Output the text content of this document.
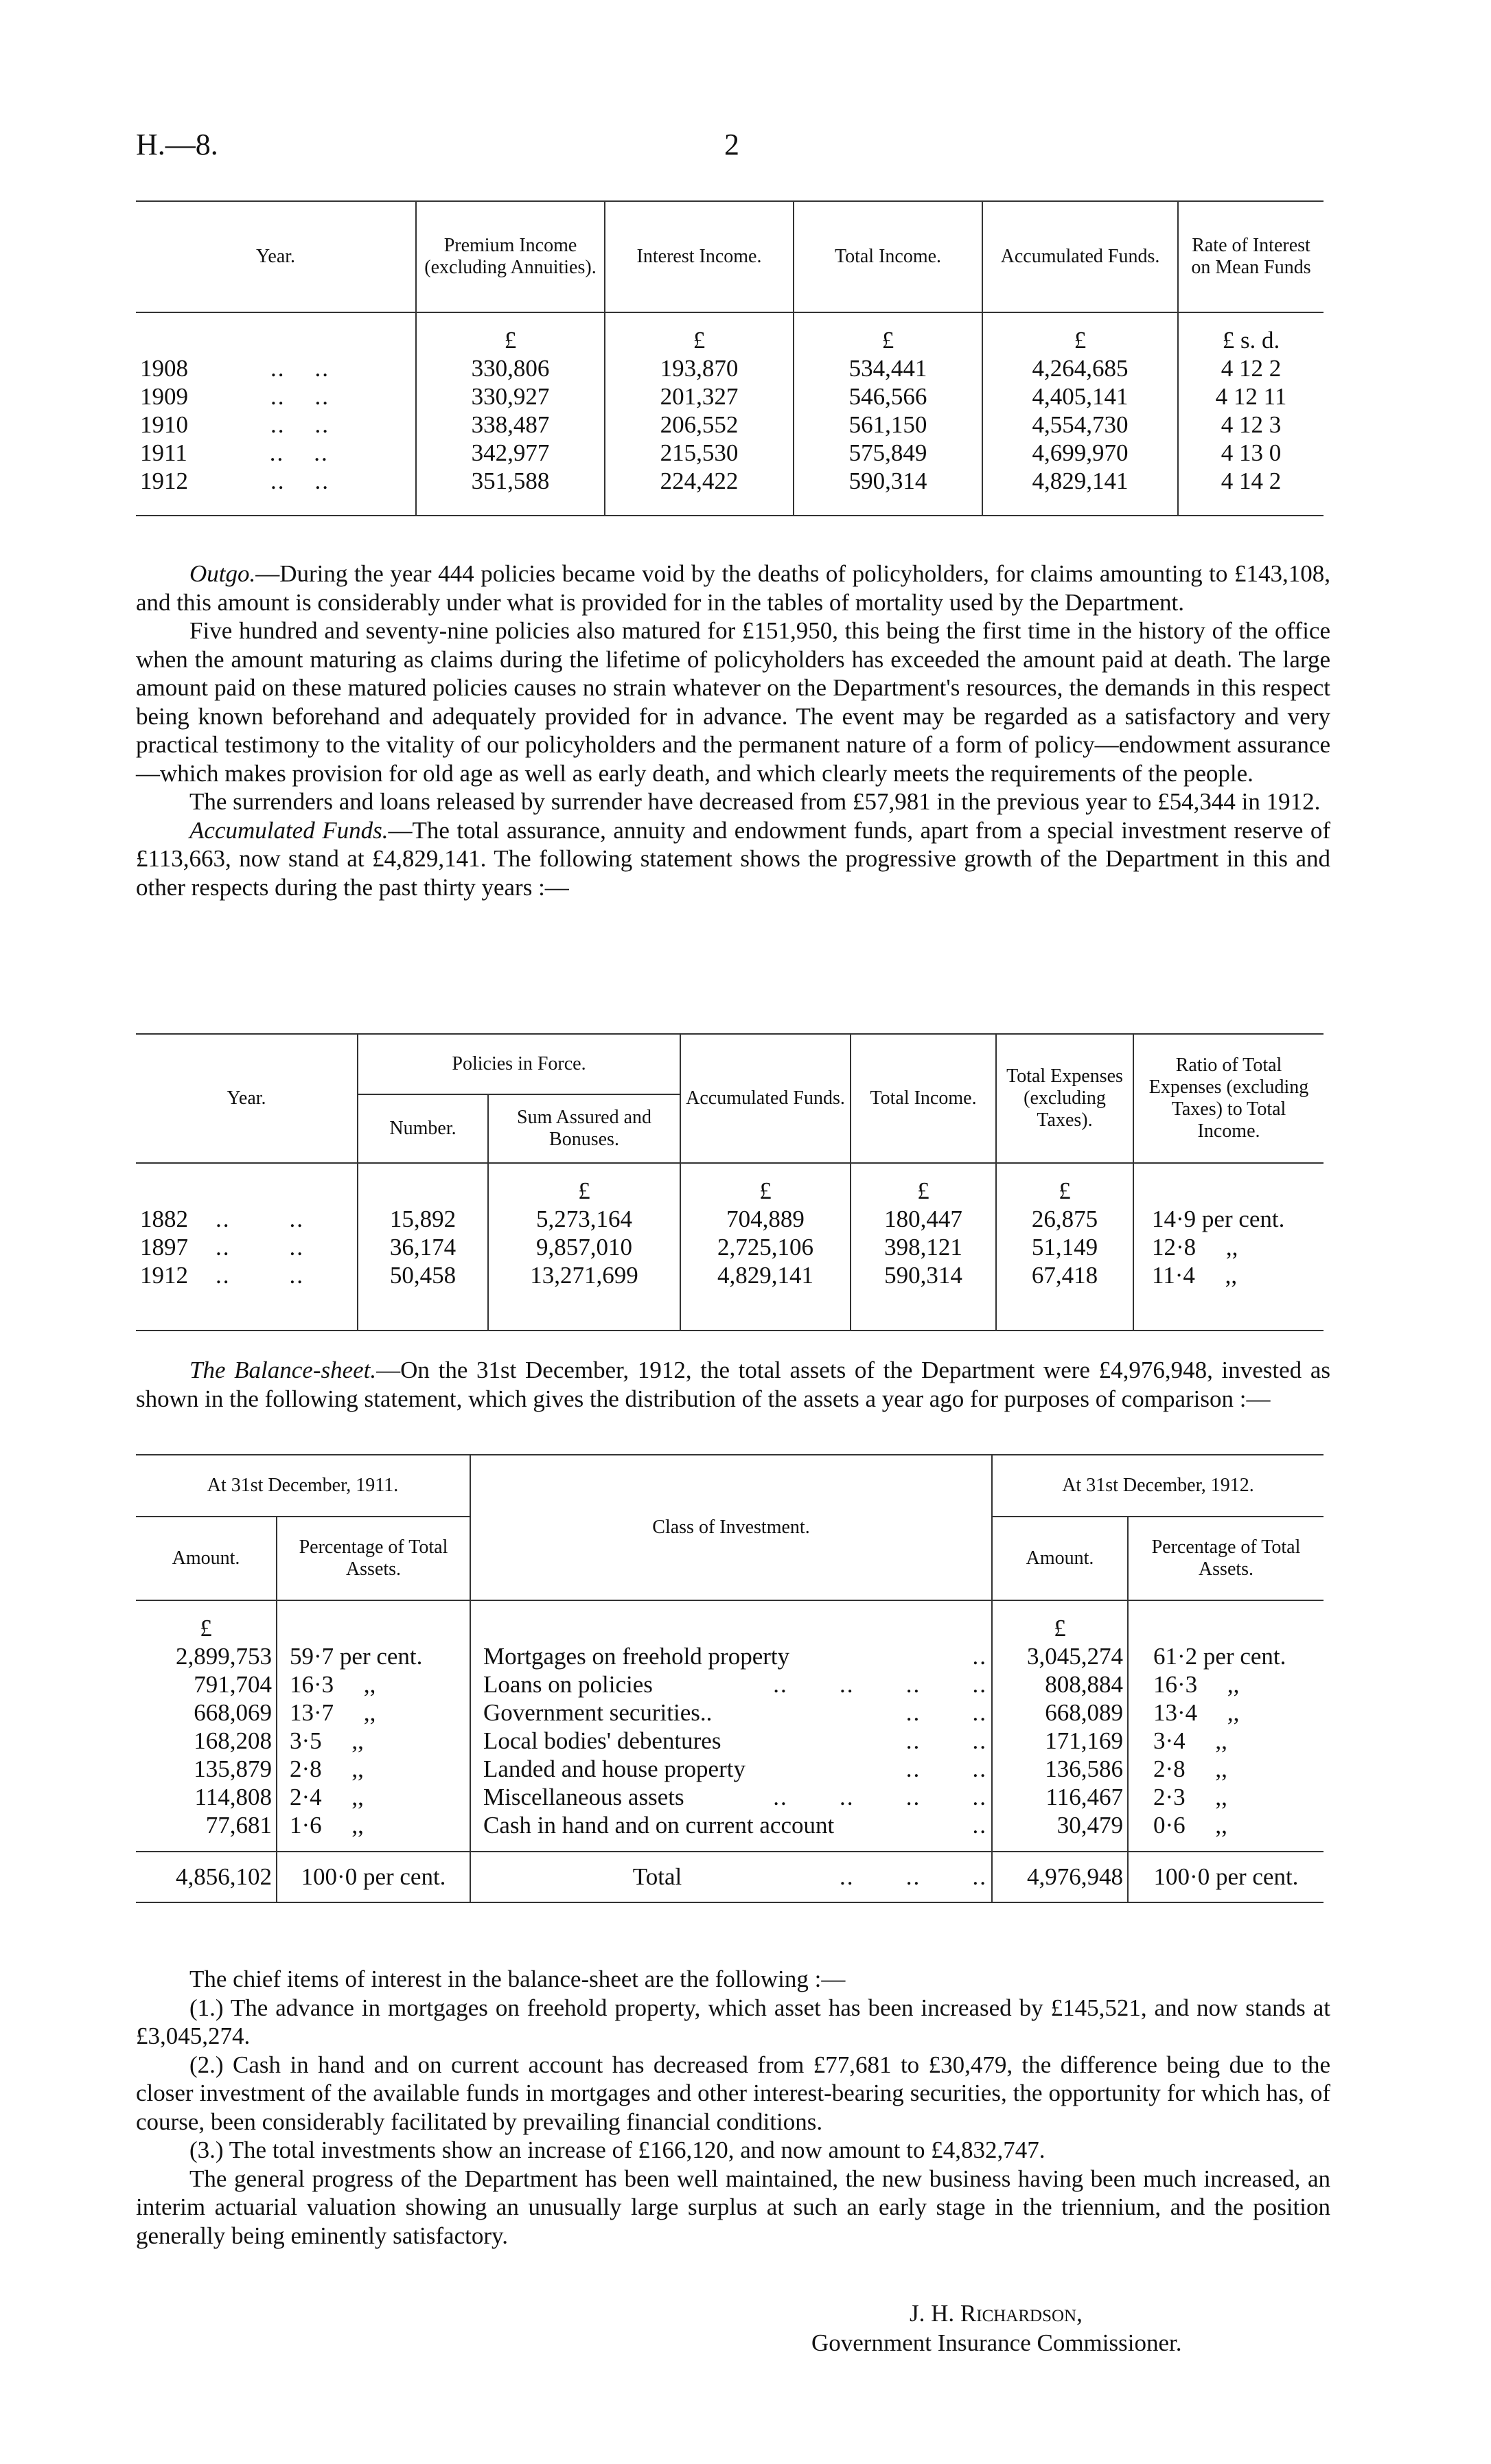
H.—8.	2
Year.	Premium Income (excluding Annuities).	Interest Income.	Total Income.	Accumulated Funds.	Rate of Interest on Mean Funds

	£	£	£	£	£ s. d.
1908 ..    ..	330,806	193,870	534,441	4,264,685	4 12 2
1909 ..    ..	330,927	201,327	546,566	4,405,141	4 12 11
1910 ..    ..	338,487	206,552	561,150	4,554,730	4 12 3
1911 ..    ..	342,977	215,530	575,849	4,699,970	4 13 0
1912 ..    ..	351,588	224,422	590,314	4,829,141	4 14 2

Outgo.—During the year 444 policies became void by the deaths of policyholders, for claims amounting to £143,108, and this amount is considerably under what is provided for in the tables of mortality used by the Department.

Five hundred and seventy-nine policies also matured for £151,950, this being the first time in the history of the office when the amount maturing as claims during the lifetime of policyholders has exceeded the amount paid at death. The large amount paid on these matured policies causes no strain whatever on the Department's resources, the demands in this respect being known beforehand and adequately provided for in advance. The event may be regarded as a satisfactory and very practical testimony to the vitality of our policyholders and the permanent nature of a form of policy—endowment assurance—which makes provision for old age as well as early death, and which clearly meets the requirements of the people.

The surrenders and loans released by surrender have decreased from £57,981 in the previous year to £54,344 in 1912.

Accumulated Funds.—The total assurance, annuity and endowment funds, apart from a special investment reserve of £113,663, now stand at £4,829,141. The following statement shows the progressive growth of the Department in this and other respects during the past thirty years :—

Year.	Policies in Force.		Accumulated Funds.	Total Income.	Total Expenses (excluding Taxes).	Ratio of Total Expenses (excluding Taxes) to Total Income.
	Number.	Sum Assured and Bonuses.				

		£	£	£	£	
1882 ..        ..	15,892	5,273,164	704,889	180,447	26,875	14·9 per cent.
1897 ..        ..	36,174	9,857,010	2,725,106	398,121	51,149	12·8     ,,
1912 ..        ..	50,458	13,271,699	4,829,141	590,314	67,418	11·4     ,,

The Balance-sheet.—On the 31st December, 1912, the total assets of the Department were £4,976,948, invested as shown in the following statement, which gives the distribution of the assets a year ago for purposes of comparison :—

At 31st December, 1911.		Class of Investment.	At 31st December, 1912.	
Amount.	Percentage of Total Assets.		Amount.	Percentage of Total Assets.

£			£	
2,899,753	59·7 per cent.	Mortgages on freehold property ..	3,045,274	61·2 per cent.
791,704	16·3     ,,	Loans on policies ..       ..       ..       ..	808,884	16·3     ,,
668,069	13·7     ,,	Government securities.. ..       ..	668,089	13·4     ,,
168,208	3·5     ,,	Local bodies' debentures ..       ..	171,169	3·4     ,,
135,879	2·8     ,,	Landed and house property ..       ..	136,586	2·8     ,,
114,808	2·4     ,,	Miscellaneous assets ..       ..       ..       ..	116,467	2·3     ,,
77,681	1·6     ,,	Cash in hand and on current account ..	30,479	0·6     ,,

4,856,102	100·0 per cent.	Total ..       ..       ..	4,976,948	100·0 per cent.

The chief items of interest in the balance-sheet are the following :—

(1.) The advance in mortgages on freehold property, which asset has been increased by £145,521, and now stands at £3,045,274.

(2.) Cash in hand and on current account has decreased from £77,681 to £30,479, the difference being due to the closer investment of the available funds in mortgages and other interest-bearing securities, the opportunity for which has, of course, been considerably facilitated by prevailing financial conditions.

(3.) The total investments show an increase of £166,120, and now amount to £4,832,747.

The general progress of the Department has been well maintained, the new business having been much increased, an interim actuarial valuation showing an unusually large surplus at such an early stage in the triennium, and the position generally being eminently satisfactory.

J. H. Richardson,
Government Insurance Commissioner.
